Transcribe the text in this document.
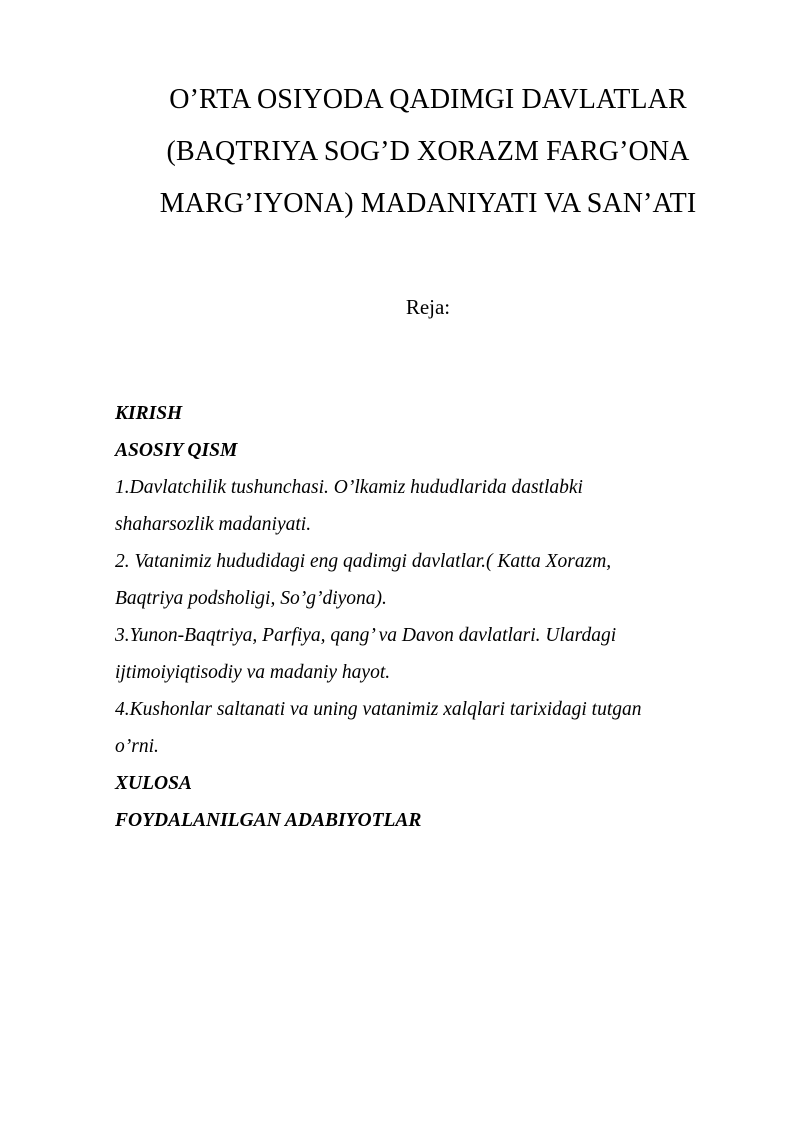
O’RTA OSIYODA QADIMGI DAVLATLAR
(BAQTRIYA SOG’D XORAZM FARG’ONA
MARG’IYONA) MADANIYATI VA SAN’ATI
Reja:
KIRISH
ASOSIY QISM
1.Davlatchilik tushunchasi. O’lkamiz hududlarida dastlabki
shaharsozlik madaniyati.
2. Vatanimiz hududidagi eng qadimgi davlatlar.( Katta Xorazm,
Baqtriya podsholigi, So’g’diyona).
3.Yunon-Baqtriya, Parfiya, qang’ va Davon davlatlari. Ulardagi
ijtimoiyiqtisodiy va madaniy hayot.
4.Kushonlar saltanati va uning vatanimiz xalqlari tarixidagi tutgan
o’rni.
XULOSA
FOYDALANILGAN ADABIYOTLAR
